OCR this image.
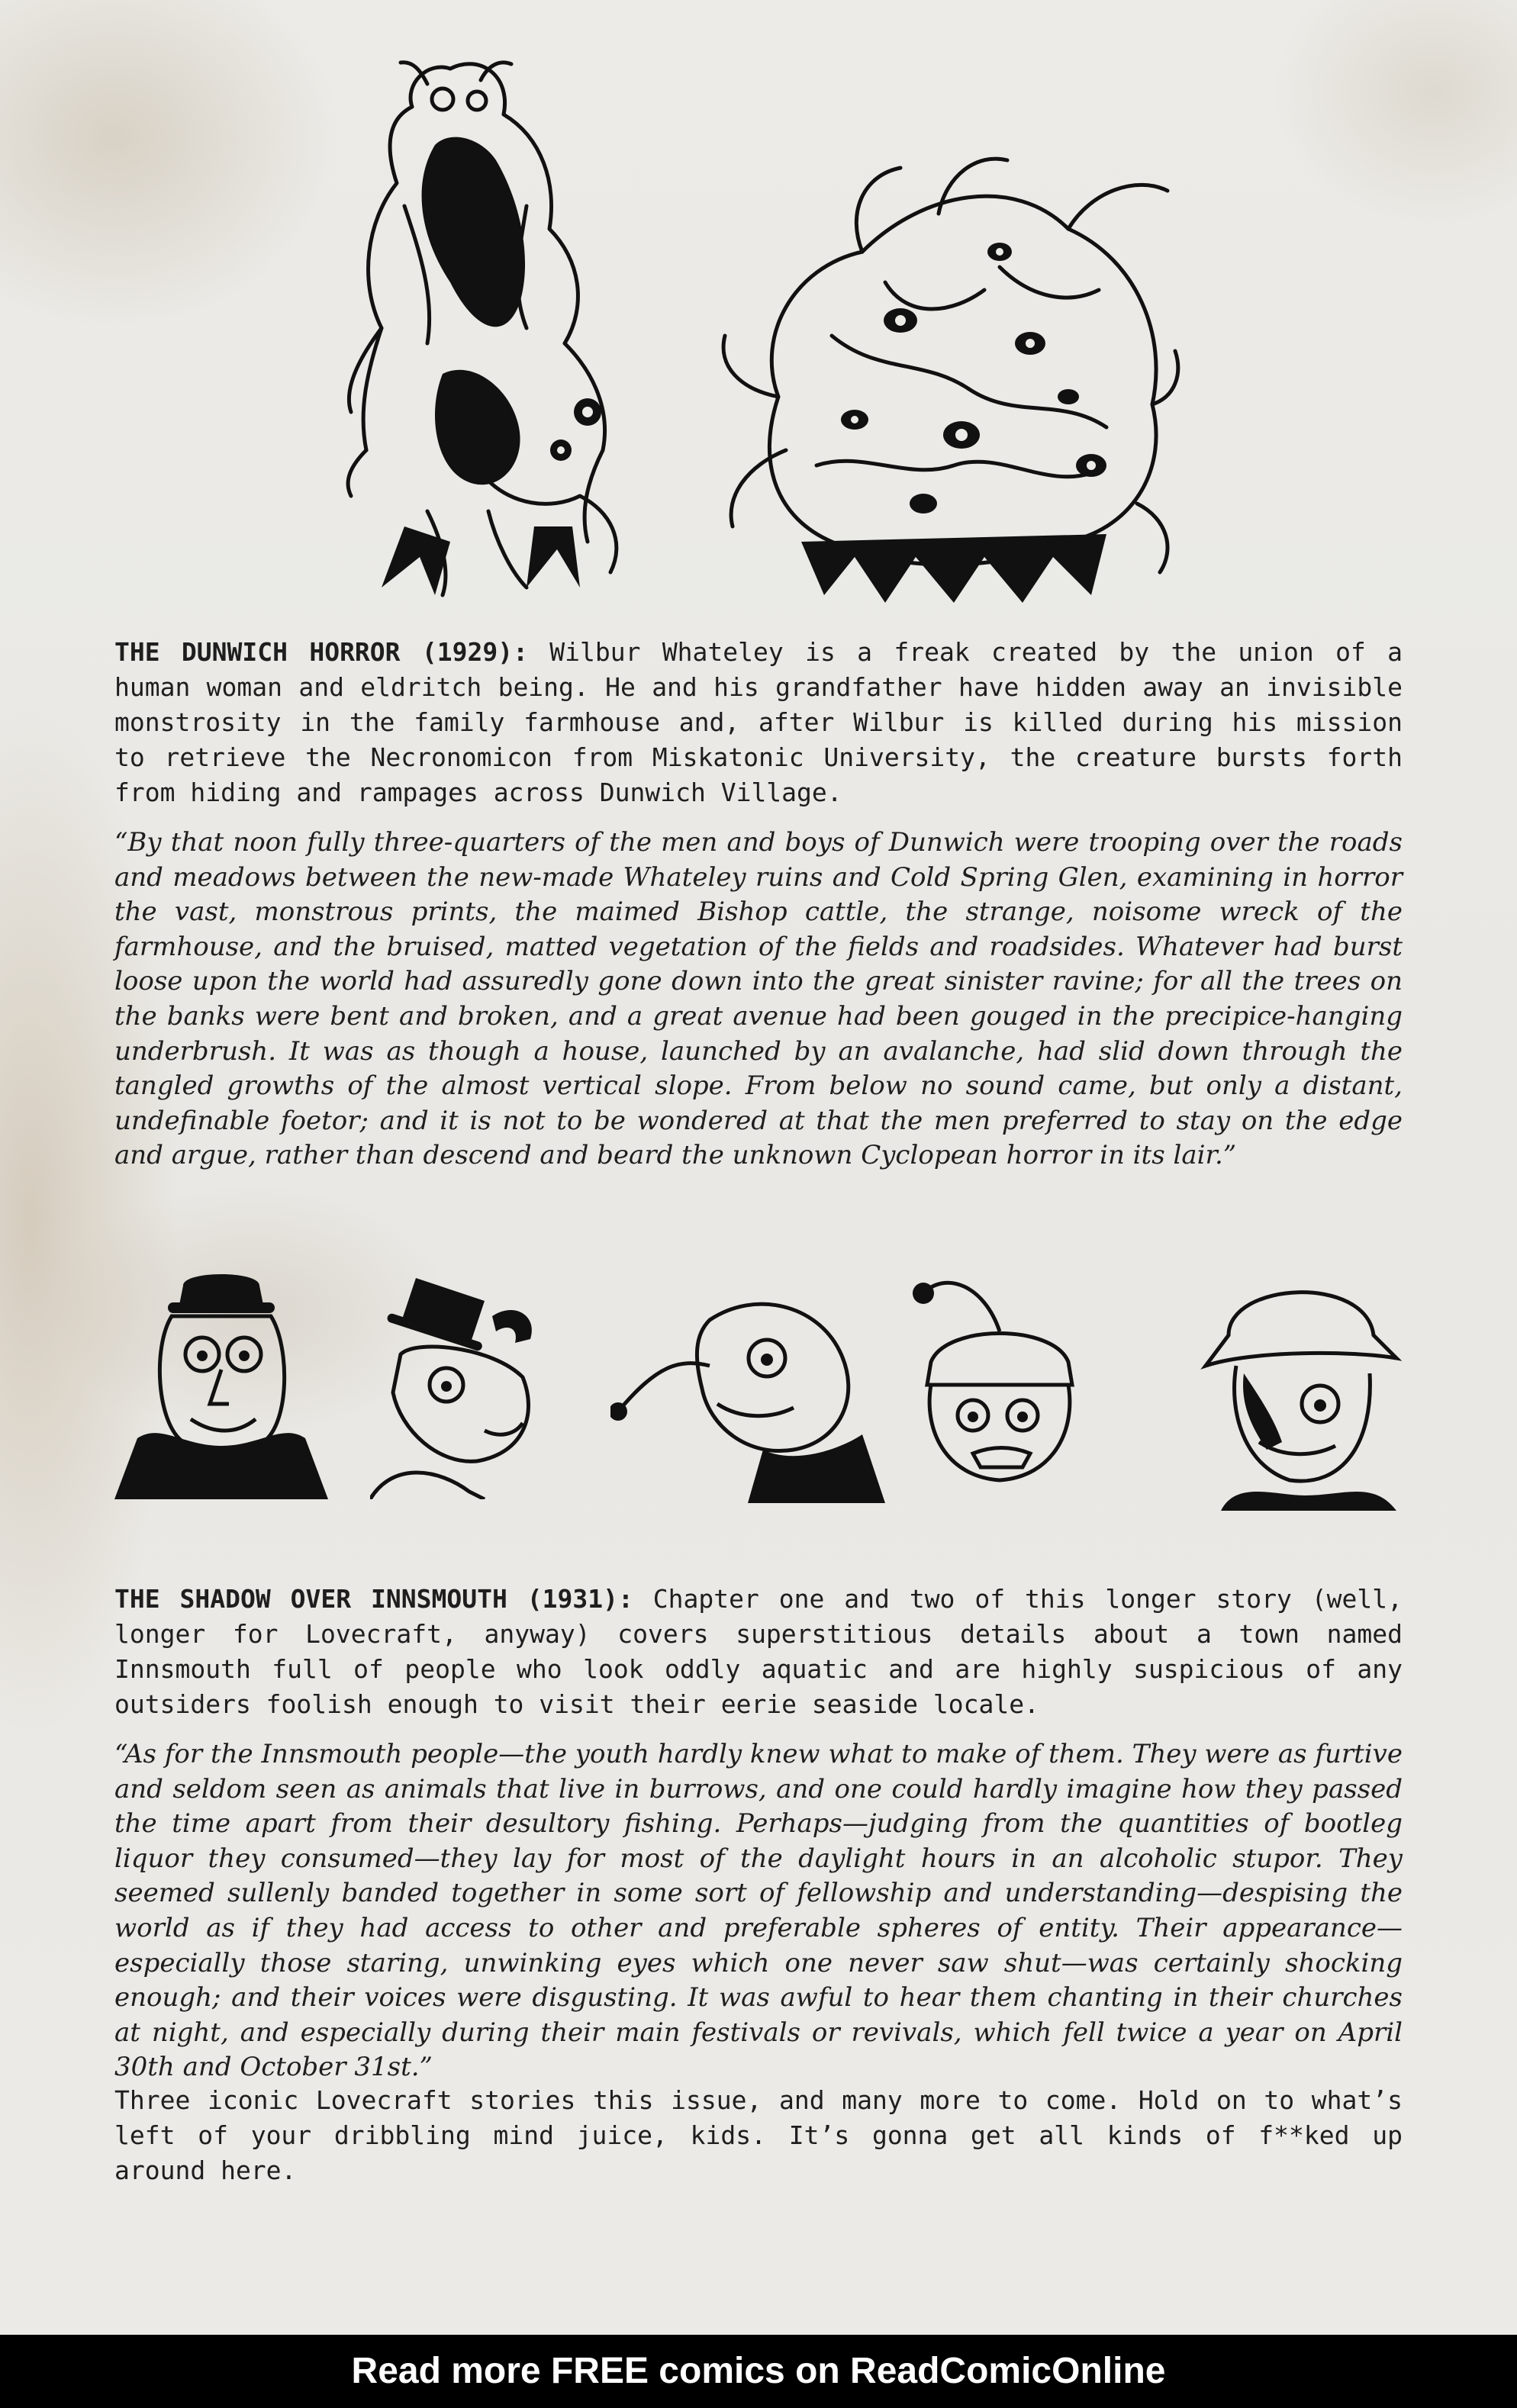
THE DUNWICH HORROR (1929): Wilbur Whateley is a freak created by the union of a human woman and eldritch being. He and his grandfather have hidden away an invisible monstrosity in the family farmhouse and, after Wilbur is killed during his mission to retrieve the Necronomicon from Miskatonic University, the creature bursts forth from hiding and rampages across Dunwich Village.

“By that noon fully three-quarters of the men and boys of Dunwich were trooping over the roads and meadows between the new-made Whateley ruins and Cold Spring Glen, examining in horror the vast, monstrous prints, the maimed Bishop cattle, the strange, noisome wreck of the farmhouse, and the bruised, matted vegetation of the fields and roadsides. Whatever had burst loose upon the world had assuredly gone down into the great sinister ravine; for all the trees on the banks were bent and broken, and a great avenue had been gouged in the precipice-hanging underbrush. It was as though a house, launched by an avalanche, had slid down through the tangled growths of the almost vertical slope. From below no sound came, but only a distant, undefinable foetor; and it is not to be wondered at that the men preferred to stay on the edge and argue, rather than descend and beard the unknown Cyclopean horror in its lair.”

THE SHADOW OVER INNSMOUTH (1931): Chapter one and two of this longer story (well, longer for Lovecraft, anyway) covers superstitious details about a town named Innsmouth full of people who look oddly aquatic and are highly suspicious of any outsiders foolish enough to visit their eerie seaside locale.

“As for the Innsmouth people—the youth hardly knew what to make of them. They were as furtive and seldom seen as animals that live in burrows, and one could hardly imagine how they passed the time apart from their desultory fishing. Perhaps—judging from the quantities of bootleg liquor they consumed—they lay for most of the daylight hours in an alcoholic stupor. They seemed sullenly banded together in some sort of fellowship and understanding—despising the world as if they had access to other and preferable spheres of entity. Their appearance—especially those staring, unwinking eyes which one never saw shut—was certainly shocking enough; and their voices were disgusting. It was awful to hear them chanting in their churches at night, and especially during their main festivals or revivals, which fell twice a year on April 30th and October 31st.”

Three iconic Lovecraft stories this issue, and many more to come. Hold on to what’s left of your dribbling mind juice, kids. It’s gonna get all kinds of f**ked up around here.

Read more FREE comics on ReadComicOnline
